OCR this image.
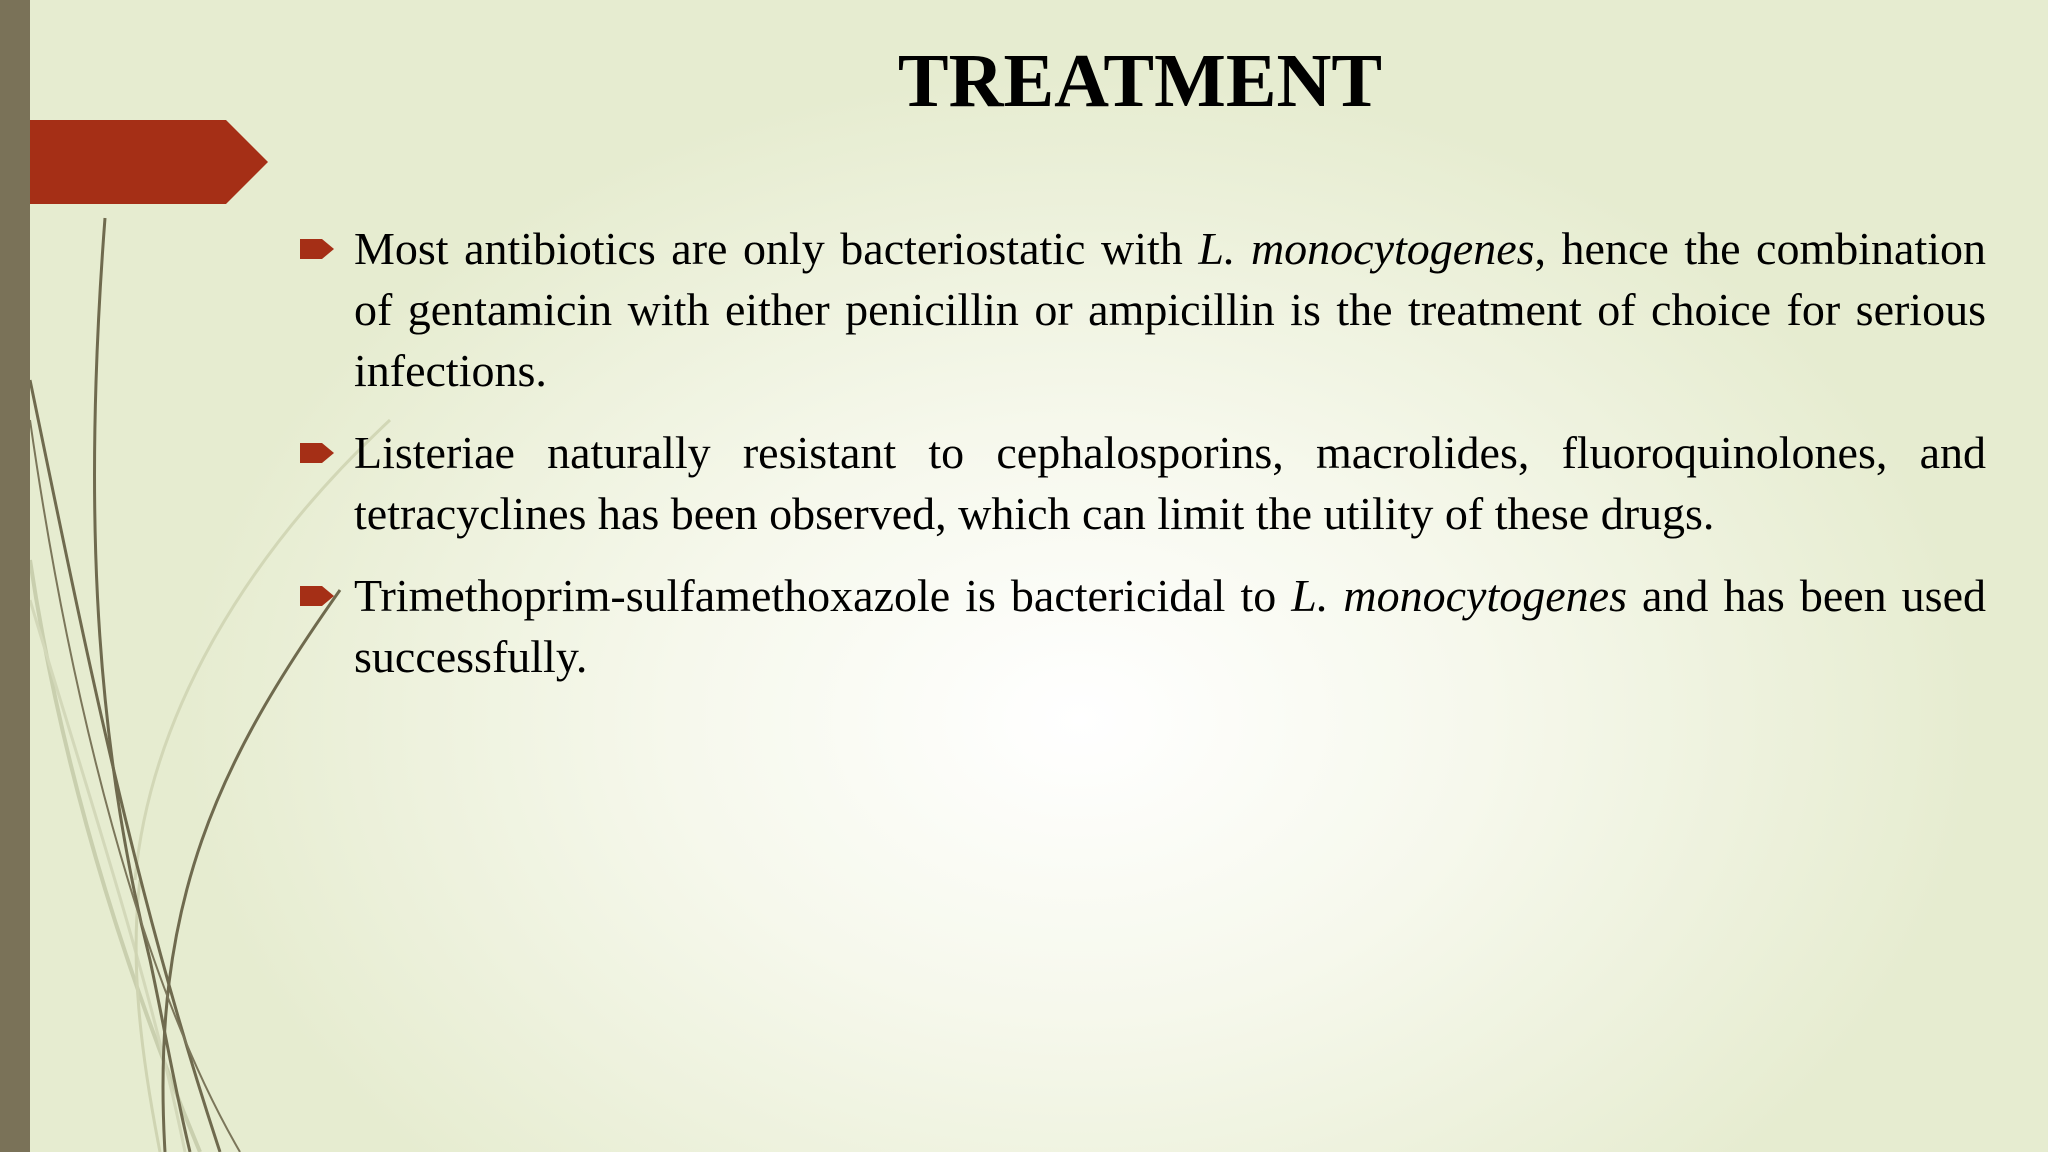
TREATMENT
Most antibiotics are only bacteriostatic with L. monocytogenes, hence the combination of gentamicin with either penicillin or ampicillin is the treatment of choice for serious infections.
Listeriae naturally resistant to cephalosporins, macrolides, fluoroquinolones, and tetracyclines has been observed, which can limit the utility of these drugs.
Trimethoprim-sulfamethoxazole is bactericidal to L. monocytogenes and has been used successfully.
